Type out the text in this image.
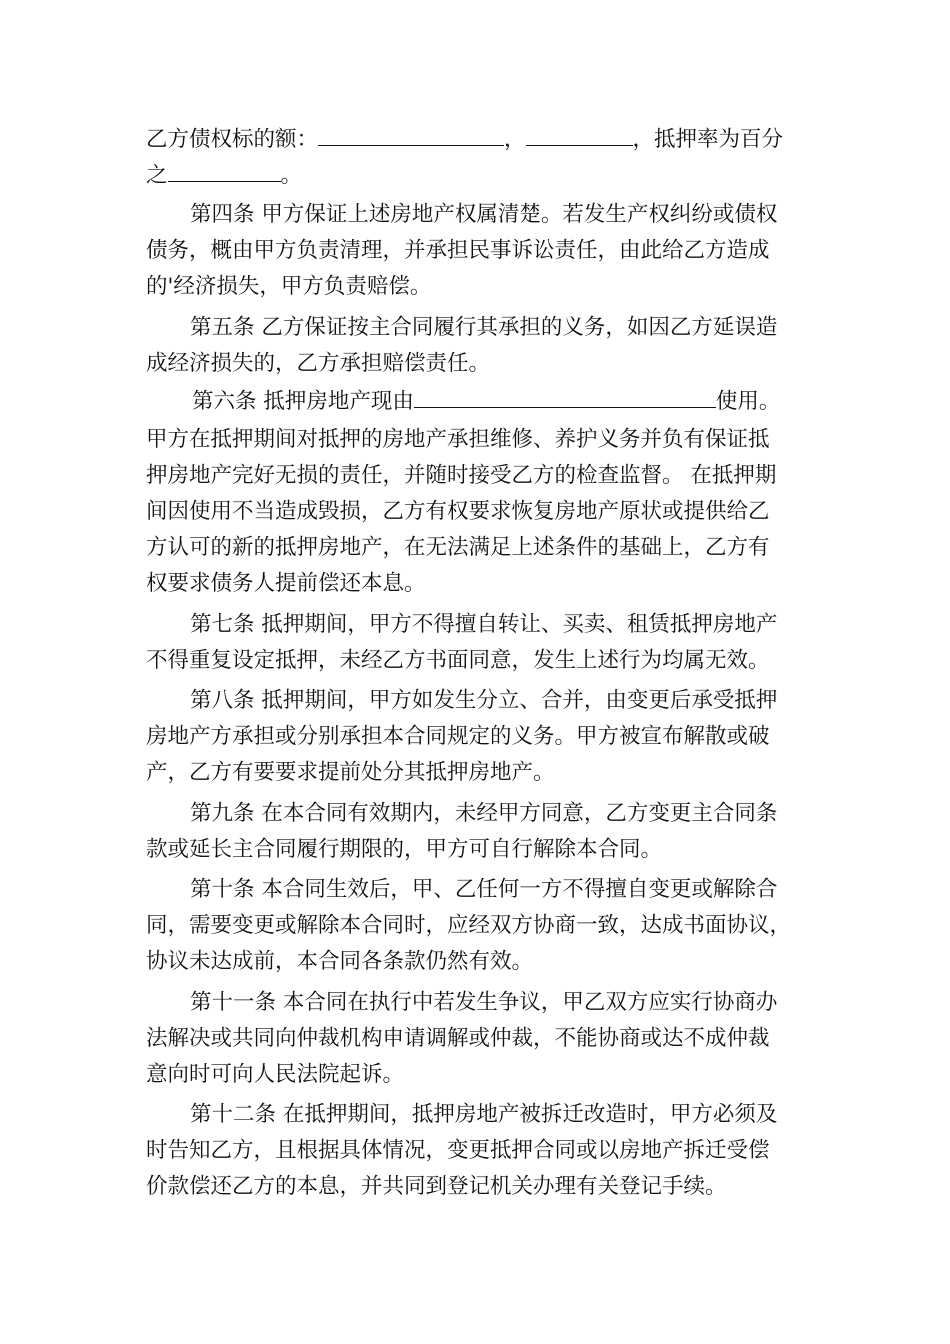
乙方债权标的额：	，	，抵押率为百分
之	。
第四条 甲方保证上述房地产权属清楚。若发生产权纠纷或债权
债务，概由甲方负责清理，并承担民事诉讼责任，由此给乙方造成
的'经济损失，甲方负责赔偿。
第五条 乙方保证按主合同履行其承担的义务，如因乙方延误造
成经济损失的，乙方承担赔偿责任。
第六条 抵押房地产现由	使用。
甲方在抵押期间对抵押的房地产承担维修、养护义务并负有保证抵
押房地产完好无损的责任，并随时接受乙方的检查监督。 在抵押期
间因使用不当造成毁损，乙方有权要求恢复房地产原状或提供给乙
方认可的新的抵押房地产，在无法满足上述条件的基础上，乙方有
权要求债务人提前偿还本息。
第七条 抵押期间，甲方不得擅自转让、买卖、租赁抵押房地产
不得重复设定抵押，未经乙方书面同意，发生上述行为均属无效。
第八条 抵押期间，甲方如发生分立、合并，由变更后承受抵押
房地产方承担或分别承担本合同规定的义务。甲方被宣布解散或破
产，乙方有要要求提前处分其抵押房地产。
第九条 在本合同有效期内，未经甲方同意，乙方变更主合同条
款或延长主合同履行期限的，甲方可自行解除本合同。
第十条 本合同生效后，甲、乙任何一方不得擅自变更或解除合
同，需要变更或解除本合同时，应经双方协商一致，达成书面协议，
协议未达成前，本合同各条款仍然有效。
第十一条 本合同在执行中若发生争议，甲乙双方应实行协商办
法解决或共同向仲裁机构申请调解或仲裁，不能协商或达不成仲裁
意向时可向人民法院起诉。
第十二条 在抵押期间，抵押房地产被拆迁改造时，甲方必须及
时告知乙方，且根据具体情况，变更抵押合同或以房地产拆迁受偿
价款偿还乙方的本息，并共同到登记机关办理有关登记手续。
